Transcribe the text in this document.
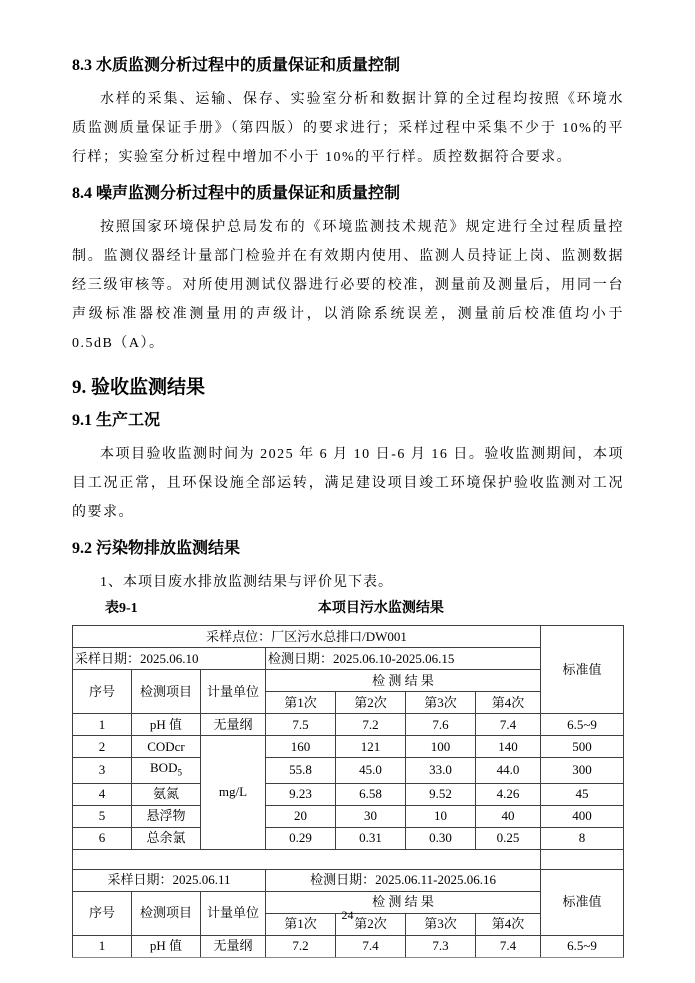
8.3 水质监测分析过程中的质量保证和质量控制

水样的采集、运输、保存、实验室分析和数据计算的全过程均按照《环境水质监测质量保证手册》（第四版）的要求进行；采样过程中采集不少于 10%的平行样；实验室分析过程中增加不小于 10%的平行样。质控数据符合要求。

8.4 噪声监测分析过程中的质量保证和质量控制

按照国家环境保护总局发布的《环境监测技术规范》规定进行全过程质量控制。监测仪器经计量部门检验并在有效期内使用、监测人员持证上岗、监测数据经三级审核等。对所使用测试仪器进行必要的校准，测量前及测量后，用同一台声级标准器校准测量用的声级计，以消除系统误差，测量前后校准值均小于 0.5dB（A）。

9. 验收监测结果
9.1 生产工况

本项目验收监测时间为 2025 年 6 月 10 日-6 月 16 日。验收监测期间，本项目工况正常，且环保设施全部运转，满足建设项目竣工环境保护验收监测对工况的要求。

9.2 污染物排放监测结果

1、本项目废水排放监测结果与评价见下表。

表9-1	本项目污水监测结果
采样点位：厂区污水总排口/DW001							标准值
采样日期：2025.06.10			检测日期：2025.06.10-2025.06.15				
序号	检测项目	计量单位	检 测 结 果				
			第1次	第2次	第3次	第4次	
1	pH 值	无量纲	7.5	7.2	7.6	7.4	6.5~9
2	CODcr	mg/L	160	121	100	140	500
3	$BOD_5$		55.8	45.0	33.0	44.0	300
4	氨氮		9.23	6.58	9.52	4.26	45
5	悬浮物		20	30	10	40	400
6	总余氯		0.29	0.31	0.30	0.25	8

采样日期：2025.06.11			检测日期：2025.06.11-2025.06.16				标准值
序号	检测项目	计量单位	检 测 结 果				
			第1次	第2次	第3次	第4次	
1	pH 值	无量纲	7.2	7.4	7.3	7.4	6.5~9
24
